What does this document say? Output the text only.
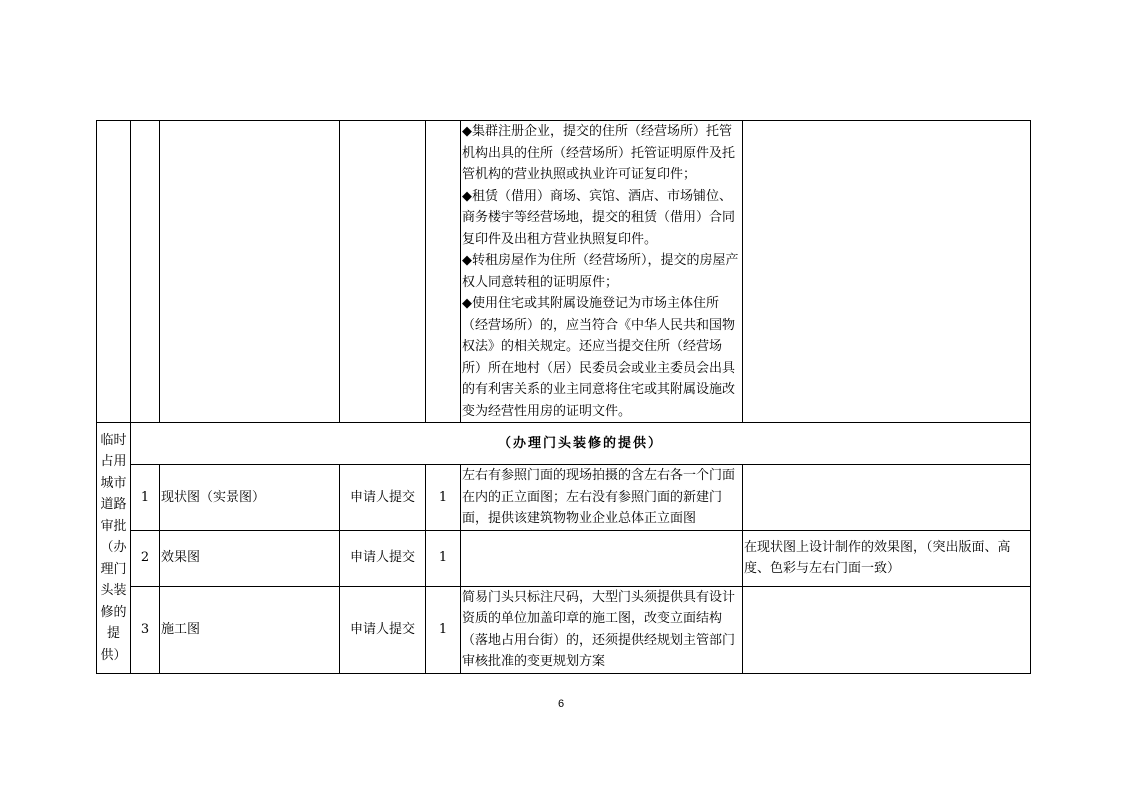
					◆集群注册企业，提交的住所（经营场所）托管机构出具的住所（经营场所）托管证明原件及托管机构的营业执照或执业许可证复印件；
◆租赁（借用）商场、宾馆、酒店、市场铺位、商务楼宇等经营场地，提交的租赁（借用）合同复印件及出租方营业执照复印件。
◆转租房屋作为住所（经营场所），提交的房屋产权人同意转租的证明原件；
◆使用住宅或其附属设施登记为市场主体住所（经营场所）的，应当符合《中华人民共和国物权法》的相关规定。还应当提交住所（经营场所）所在地村（居）民委员会或业主委员会出具的有利害关系的业主同意将住宅或其附属设施改变为经营性用房的证明文件。	

临时占用城市道路审批（办理门头装修的提供）	（办理门头装修的提供）					
	1	现状图（实景图）	申请人提交	1	左右有参照门面的现场拍摄的含左右各一个门面在内的正立面图；左右没有参照门面的新建门面，提供该建筑物物业企业总体正立面图	
	2	效果图	申请人提交	1		在现状图上设计制作的效果图，（突出版面、高度、色彩与左右门面一致）
	3	施工图	申请人提交	1	简易门头只标注尺码，大型门头须提供具有设计资质的单位加盖印章的施工图，改变立面结构（落地占用台街）的，还须提供经规划主管部门审核批准的变更规划方案	
6
